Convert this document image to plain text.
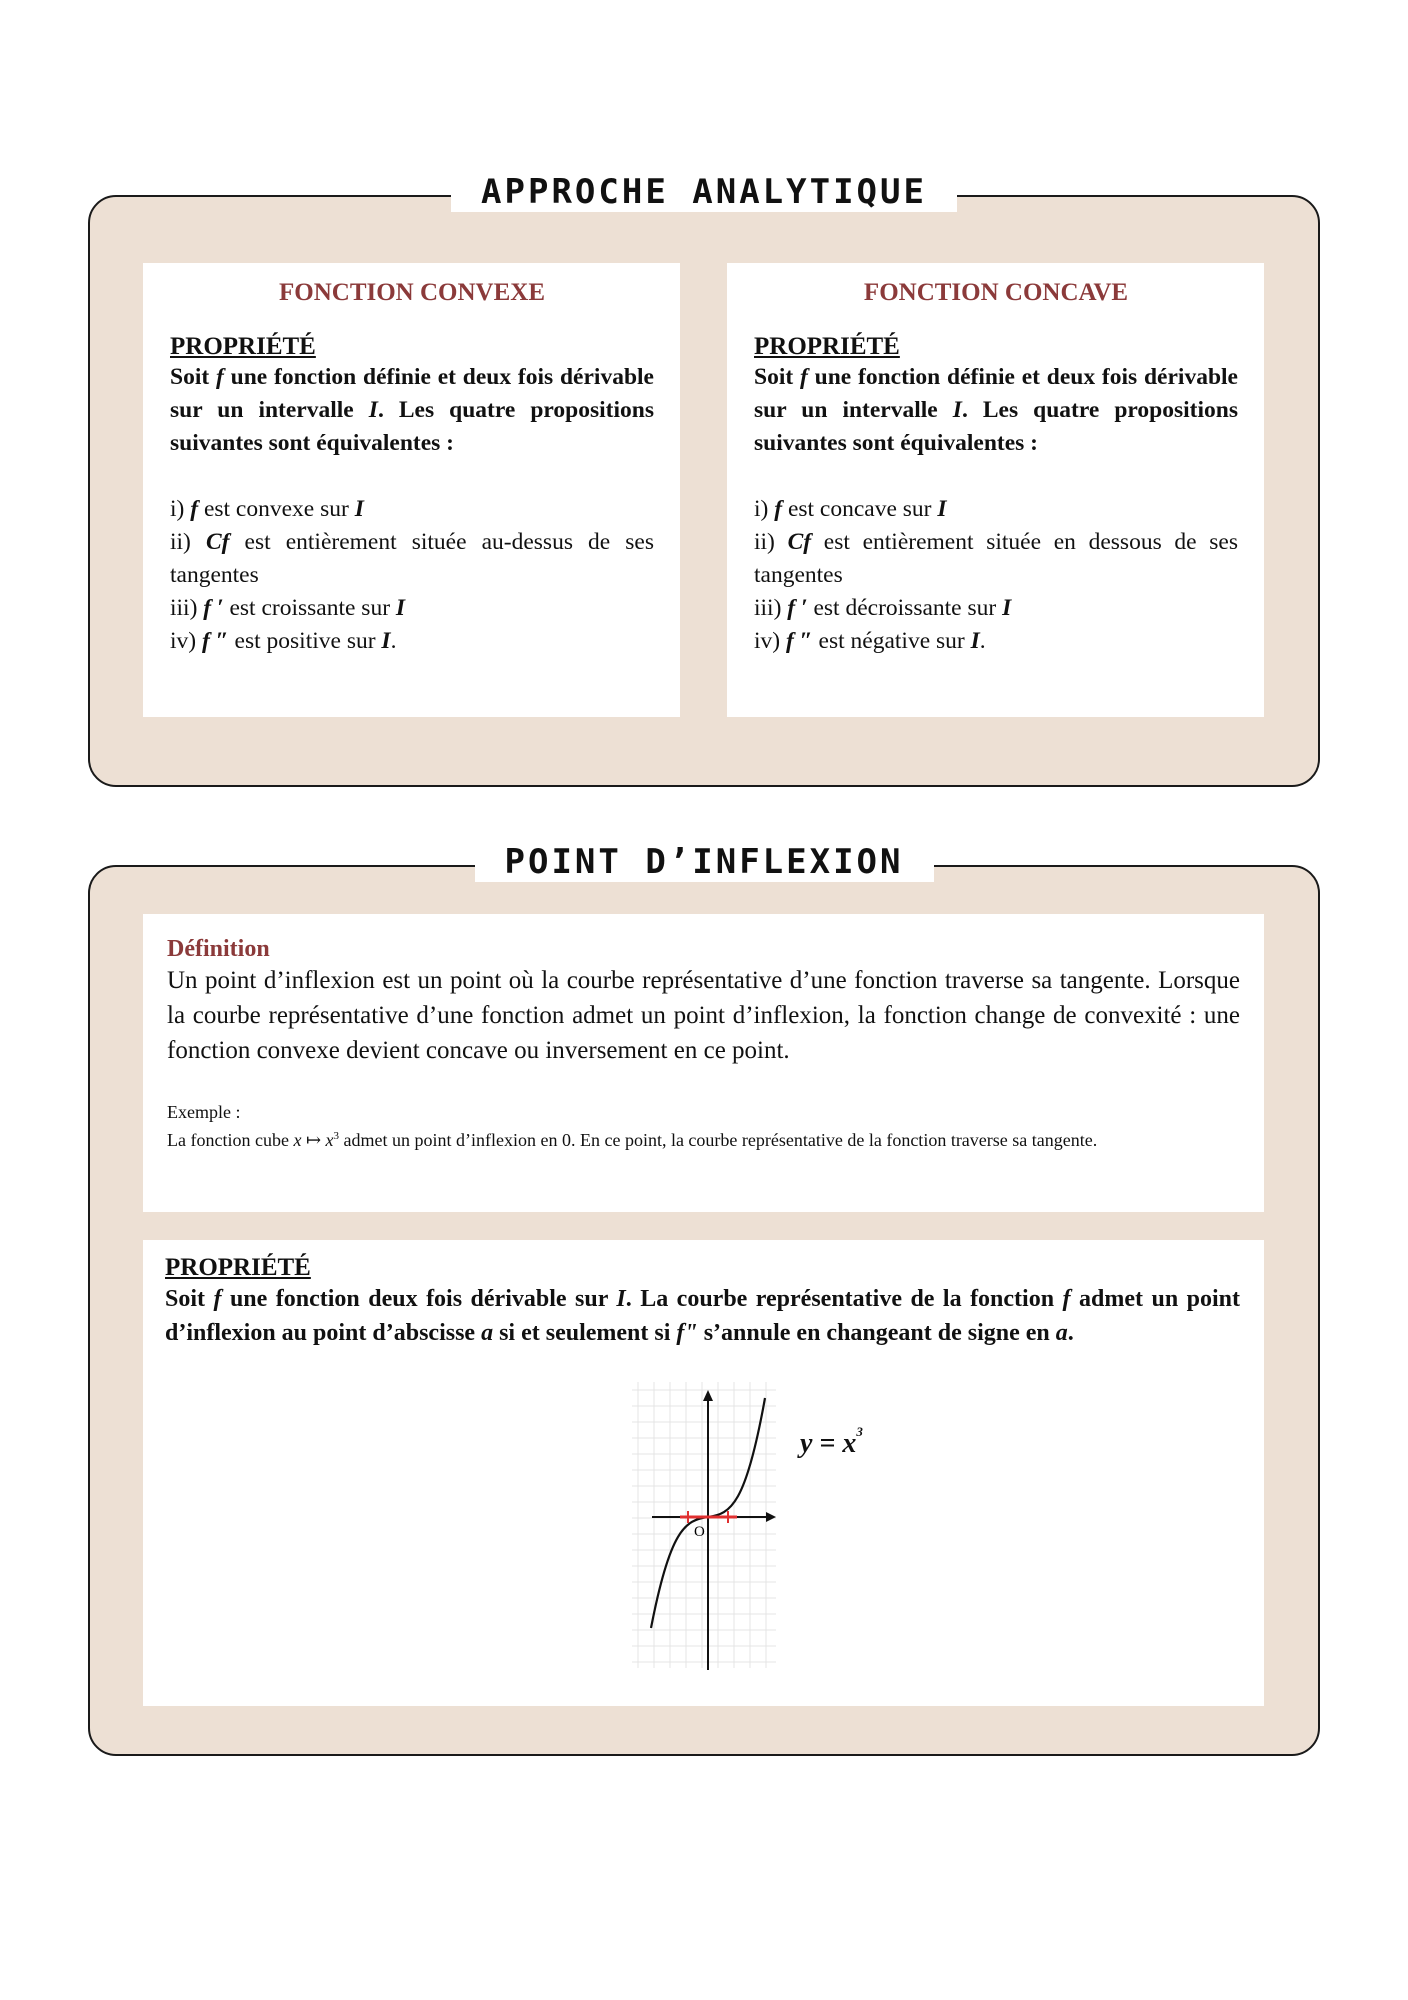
APPROCHE ANALYTIQUE
FONCTION CONVEXE
PROPRIÉTÉ
Soit f une fonction définie et deux fois dérivable sur un intervalle I. Les quatre propositions suivantes sont équivalentes :
i) f est convexe sur I
ii) Cf est entièrement située au-dessus de ses tangentes
iii) f ′ est croissante sur I
iv) f ″ est positive sur I.
FONCTION CONCAVE
PROPRIÉTÉ
Soit f une fonction définie et deux fois dérivable sur un intervalle I. Les quatre propositions suivantes sont équivalentes :
i) f est concave sur I
ii) Cf est entièrement située en dessous de ses tangentes
iii) f ′ est décroissante sur I
iv) f ″ est négative sur I.
POINT D’INFLEXION
Définition
Un point d’inflexion est un point où la courbe représentative d’une fonction traverse sa tangente. Lorsque la courbe représentative d’une fonction admet un point d’inflexion, la fonction change de convexité : une fonction convexe devient concave ou inversement en ce point.
Exemple :
La fonction cube x ↦ $x^3$ admet un point d’inflexion en 0. En ce point, la courbe représentative de la fonction traverse sa tangente.
PROPRIÉTÉ
Soit f une fonction deux fois dérivable sur I. La courbe représentative de la fonction f admet un point d’inflexion au point d’abscisse a si et seulement si f" s’annule en changeant de signe en a.
O
$y = x^3$
